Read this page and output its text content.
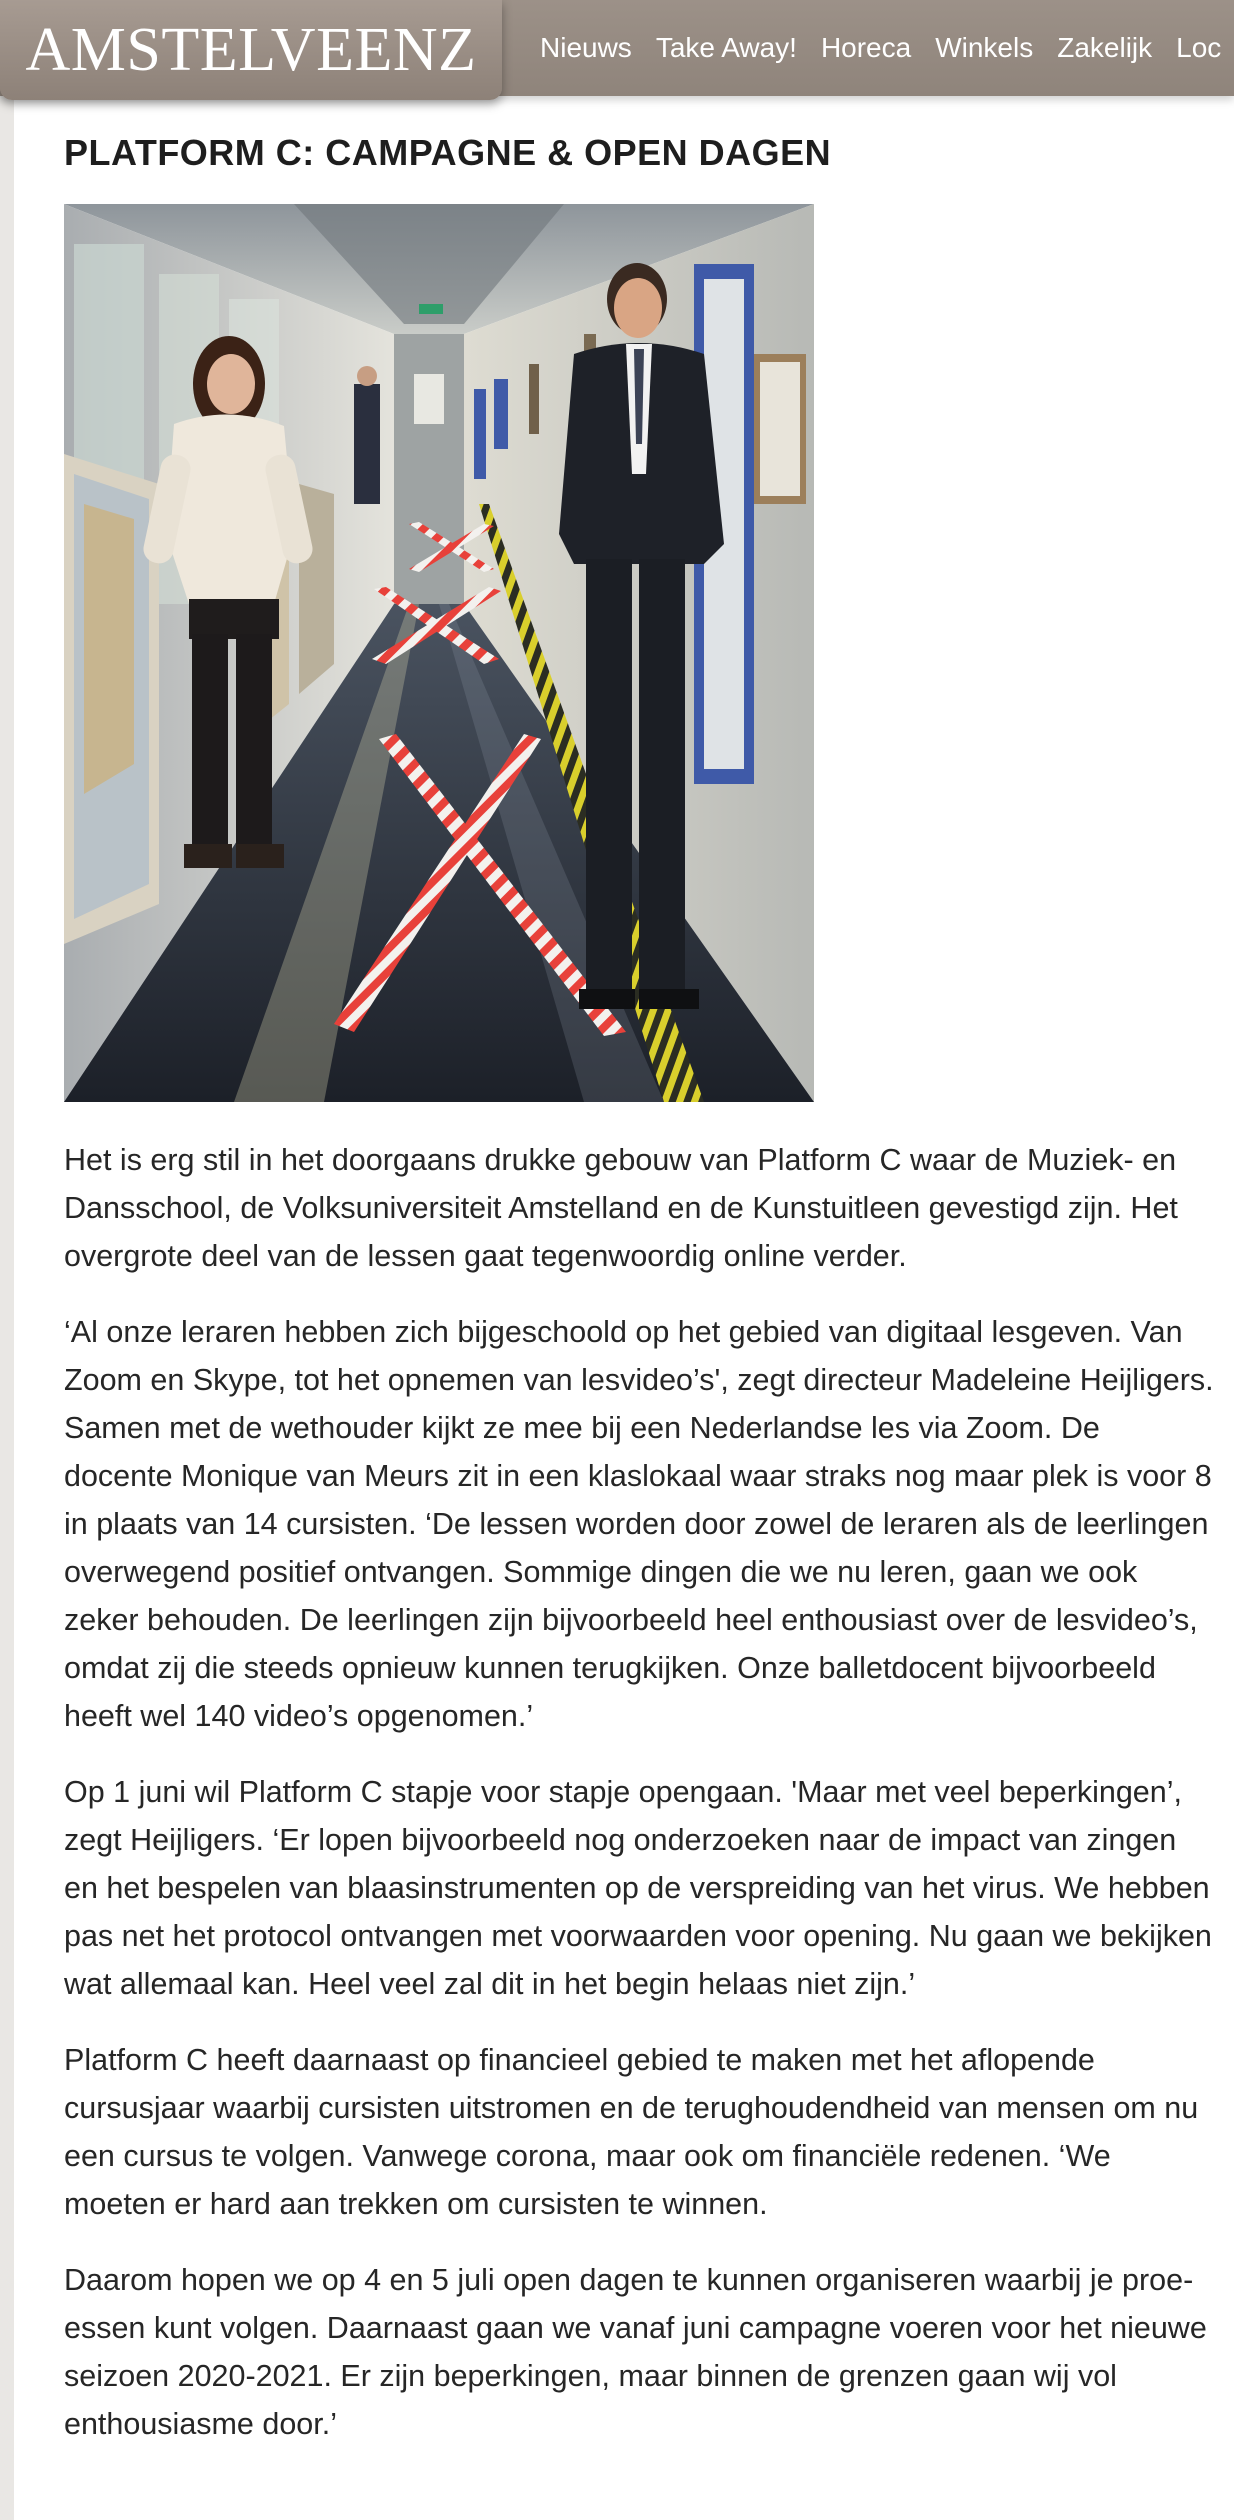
AMSTELVEENZ Nieuws Take Away! Horeca Winkels Zakelijk Loc
PLATFORM C: CAMPAGNE & OPEN DAGEN

Het is erg stil in het doorgaans drukke gebouw van Platform C waar de Muziek- en Dansschool, de Volksuniversiteit Amstelland en de Kunstuitleen gevestigd zijn. Het overgrote deel van de lessen gaat tegenwoordig online verder.

‘Al onze leraren hebben zich bijgeschoold op het gebied van digitaal lesgeven. Van Zoom en Skype, tot het opnemen van lesvideo’s', zegt directeur Madeleine Heijligers. Samen met de wethouder kijkt ze mee bij een Nederlandse les via Zoom. De docente Monique van Meurs zit in een klaslokaal waar straks nog maar plek is voor 8 in plaats van 14 cursisten. ‘De lessen worden door zowel de leraren als de leerlingen overwegend positief ontvangen. Sommige dingen die we nu leren, gaan we ook zeker behouden. De leerlingen zijn bijvoorbeeld heel enthousiast over de lesvideo’s, omdat zij die steeds opnieuw kunnen terugkijken. Onze balletdocent bijvoorbeeld heeft wel 140 video’s opgenomen.’

Op 1 juni wil Platform C stapje voor stapje opengaan. 'Maar met veel beperkingen’, zegt Heijligers. ‘Er lopen bijvoorbeeld nog onderzoeken naar de impact van zingen en het bespelen van blaasinstrumenten op de verspreiding van het virus. We hebben pas net het protocol ontvangen met voorwaarden voor opening. Nu gaan we bekijken wat allemaal kan. Heel veel zal dit in het begin helaas niet zijn.’

Platform C heeft daarnaast op financieel gebied te maken met het aflopende cursusjaar waarbij cursisten uitstromen en de terughoudendheid van mensen om nu een cursus te volgen. Vanwege corona, maar ook om financiële redenen. ‘We moeten er hard aan trekken om cursisten te winnen.

Daarom hopen we op 4 en 5 juli open dagen te kunnen organiseren waarbij je proe- essen kunt volgen. Daarnaast gaan we vanaf juni campagne voeren voor het nieuwe seizoen 2020-2021. Er zijn beperkingen, maar binnen de grenzen gaan wij vol enthousiasme door.’
